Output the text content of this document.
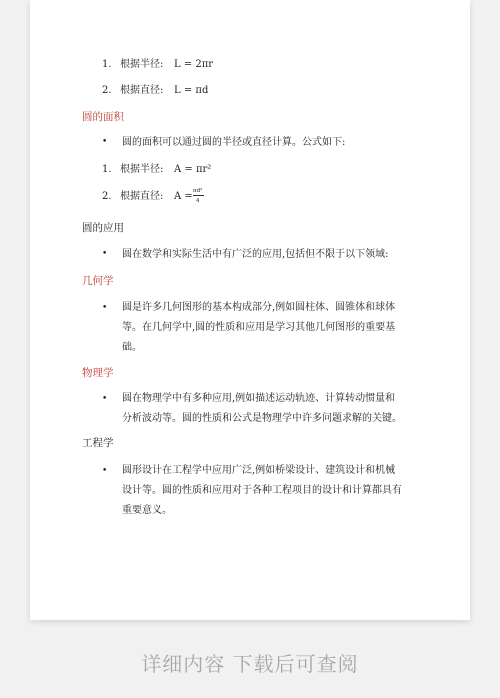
1. 根据半径: L = 2πr
2. 根据直径: L = πd
圆的面积
• 圆的面积可以通过圆的半径或直径计算。公式如下:
1. 根据半径: A = πr²
2. 根据直径: A = πd²
4
圆的应用
• 圆在数学和实际生活中有广泛的应用,包括但不限于以下领域:
几何学
• 圆是许多几何图形的基本构成部分,例如圆柱体、圆锥体和球体
等。在几何学中,圆的性质和应用是学习其他几何图形的重要基
础。
物理学
• 圆在物理学中有多种应用,例如描述运动轨迹、计算转动惯量和
分析波动等。圆的性质和公式是物理学中许多问题求解的关键。
工程学
• 圆形设计在工程学中应用广泛,例如桥梁设计、建筑设计和机械
设计等。圆的性质和应用对于各种工程项目的设计和计算都具有
重要意义。
详细内容 下载后可查阅
